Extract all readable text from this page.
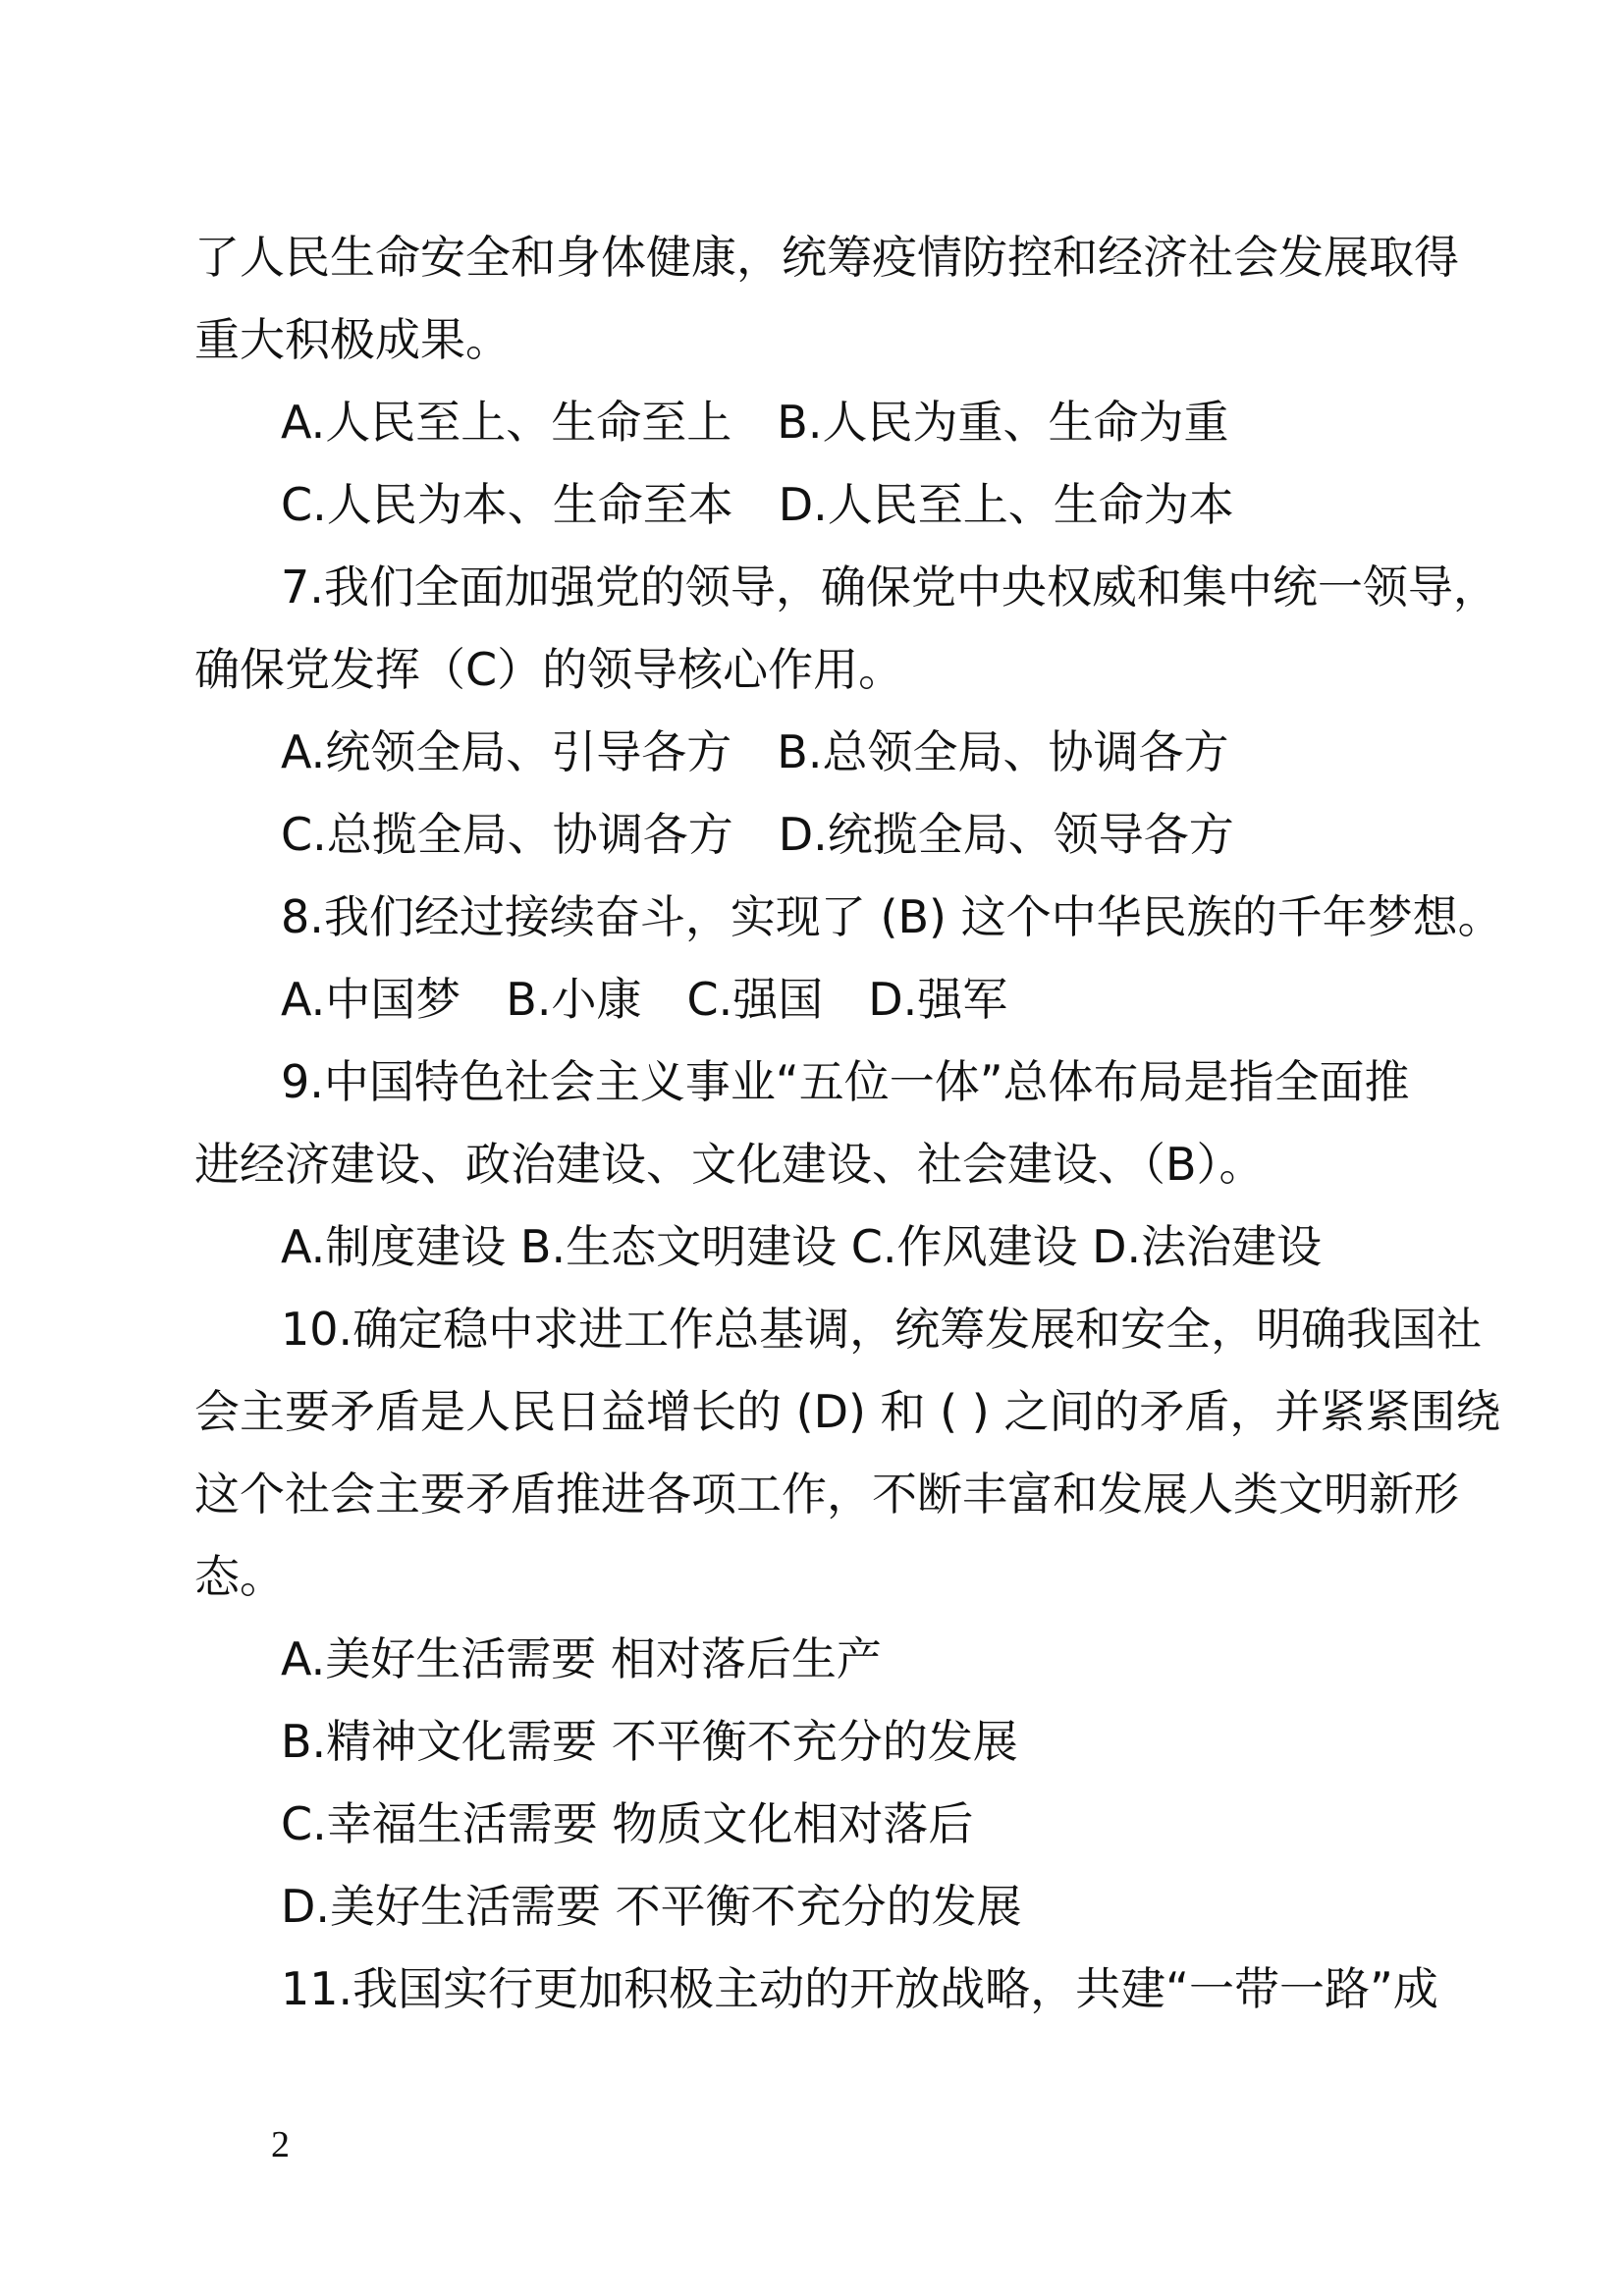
了人民生命安全和身体健康，统筹疫情防控和经济社会发展取得
重大积极成果。
A.人民至上、生命至上　B.人民为重、生命为重
C.人民为本、生命至本　D.人民至上、生命为本
7.我们全面加强党的领导，确保党中央权威和集中统一领导，
确保党发挥（C）的领导核心作用。
A.统领全局、引导各方　B.总领全局、协调各方
C.总揽全局、协调各方　D.统揽全局、领导各方
8.我们经过接续奋斗，实现了 (B) 这个中华民族的千年梦想。
A.中国梦　B.小康　C.强国　D.强军
9.中国特色社会主义事业“五位一体”总体布局是指全面推
进经济建设、政治建设、文化建设、社会建设、（B）。
A.制度建设 B.生态文明建设 C.作风建设 D.法治建设
10.确定稳中求进工作总基调，统筹发展和安全，明确我国社
会主要矛盾是人民日益增长的 (D) 和 ( ) 之间的矛盾，并紧紧围绕
这个社会主要矛盾推进各项工作，不断丰富和发展人类文明新形
态。
A.美好生活需要 相对落后生产
B.精神文化需要 不平衡不充分的发展
C.幸福生活需要 物质文化相对落后
D.美好生活需要 不平衡不充分的发展
11.我国实行更加积极主动的开放战略，共建“一带一路”成
2
